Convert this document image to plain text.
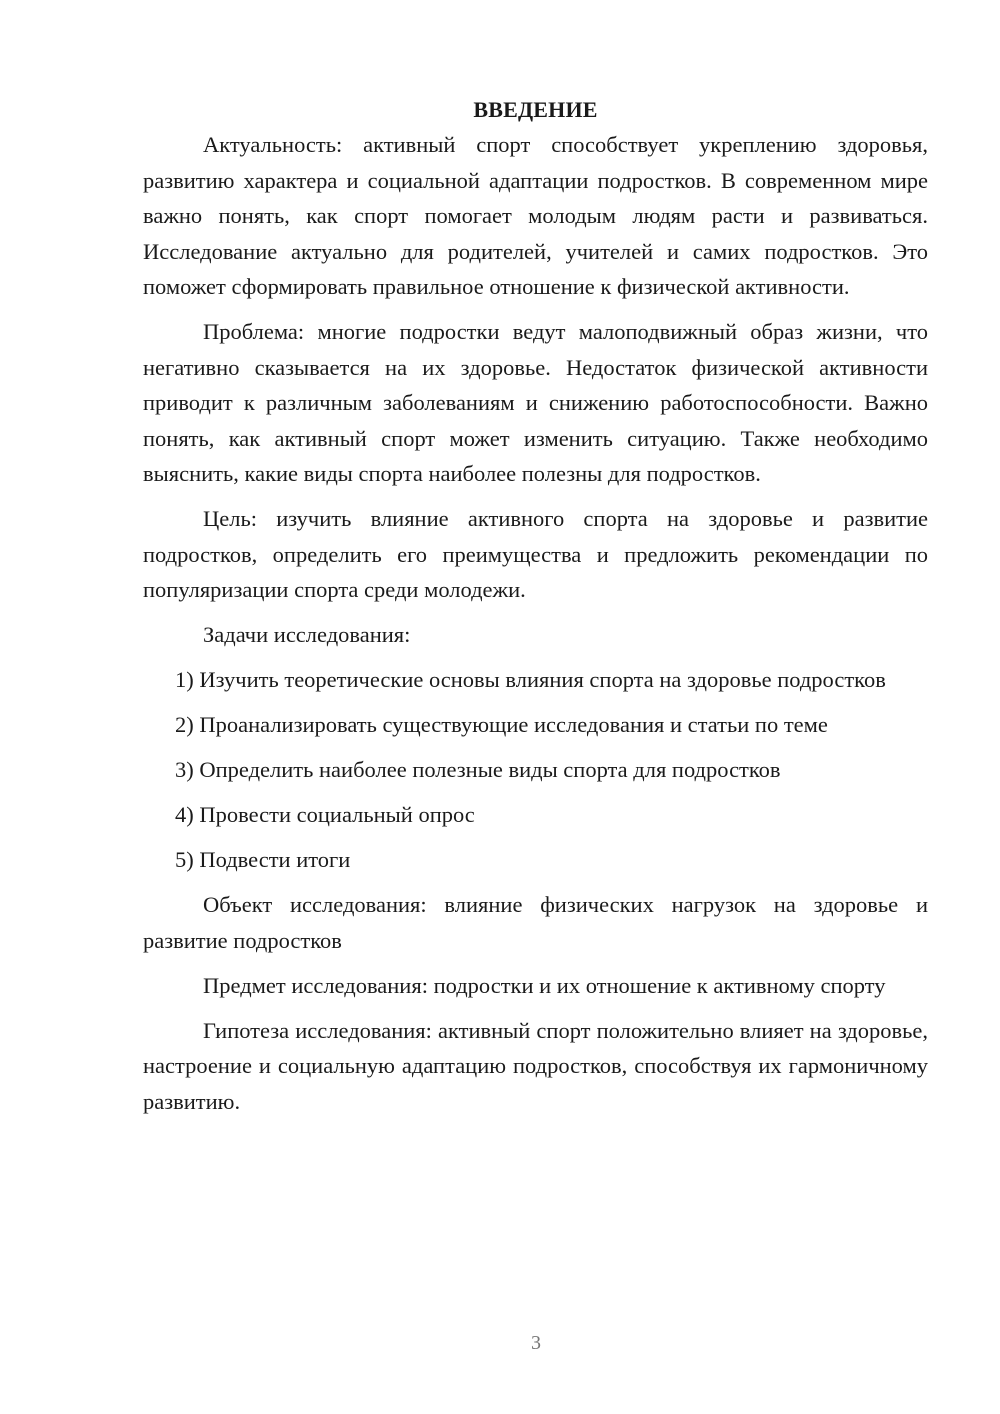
ВВЕДЕНИЕ

Актуальность: активный спорт способствует укреплению здоровья, развитию характера и социальной адаптации подростков. В современном мире важно понять, как спорт помогает молодым людям расти и развиваться. Исследование актуально для родителей, учителей и самих подростков. Это поможет сформировать правильное отношение к физической активности.

Проблема: многие подростки ведут малоподвижный образ жизни, что негативно сказывается на их здоровье. Недостаток физической активности приводит к различным заболеваниям и снижению работоспособности. Важно понять, как активный спорт может изменить ситуацию. Также необходимо выяснить, какие виды спорта наиболее полезны для подростков.

Цель: изучить влияние активного спорта на здоровье и развитие подростков, определить его преимущества и предложить рекомендации по популяризации спорта среди молодежи.

Задачи исследования:

1) Изучить теоретические основы влияния спорта на здоровье подростков

2) Проанализировать существующие исследования и статьи по теме

3) Определить наиболее полезные виды спорта для подростков

4) Провести социальный опрос

5) Подвести итоги

Объект исследования: влияние физических нагрузок на здоровье и развитие подростков

Предмет исследования: подростки и их отношение к активному спорту

Гипотеза исследования: активный спорт положительно влияет на здоровье, настроение и социальную адаптацию подростков, способствуя их гармоничному развитию.

3
